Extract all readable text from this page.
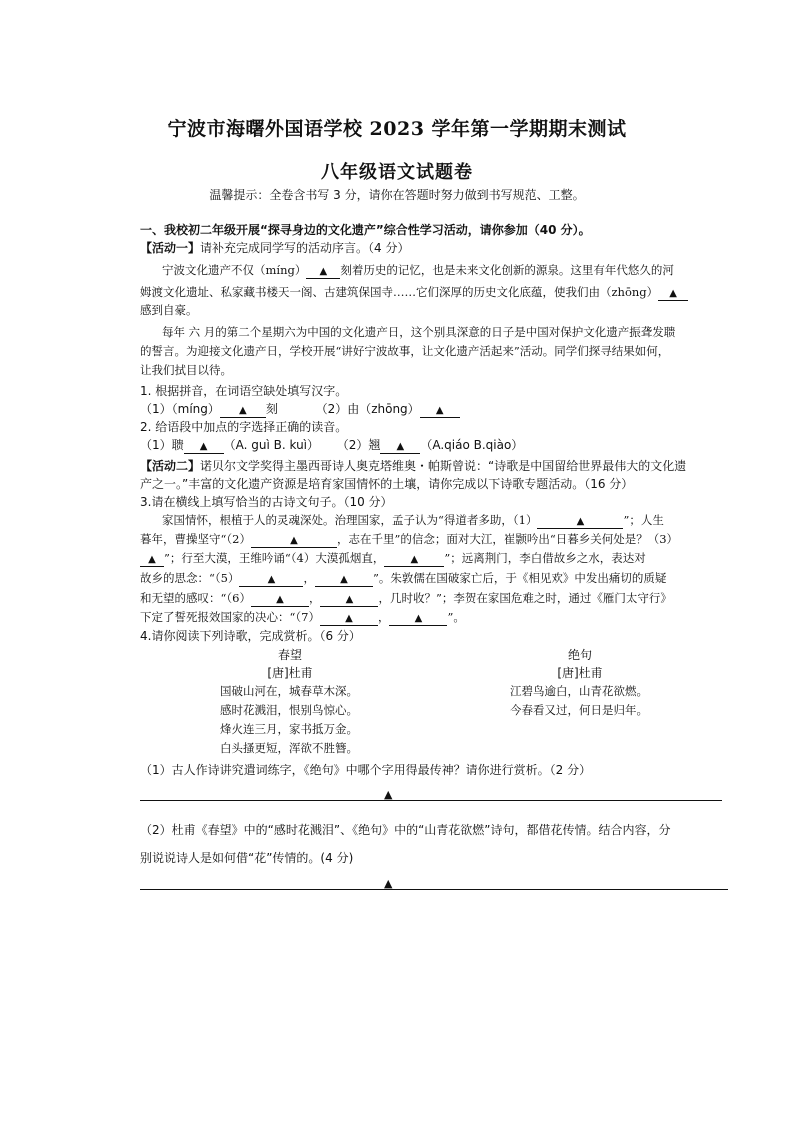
宁波市海曙外国语学校 2023 学年第一学期期末测试
八年级语文试题卷
温馨提示：全卷含书写 3 分，请你在答题时努力做到书写规范、工整。
一、我校初二年级开展“探寻身边的文化遗产”综合性学习活动，请你参加（40 分）。
【活动一】请补充完成同学写的活动序言。（4 分）
宁波文化遗产不仅（míng） ▲ 刻着历史的记忆，也是未来文化创新的源泉。这里有年代悠久的河
姆渡文化遗址、私家藏书楼天一阁、古建筑保国寺……它们深厚的历史文化底蕴，使我们由（zhōng） ▲
感到自豪。
每年 六 月的第二个星期六为中国的文化遗产日，这个别具深意的日子是中国对保护文化遗产振聋发聩
的誓言。为迎接文化遗产日，学校开展“讲好宁波故事，让文化遗产活起来”活动。同学们探寻结果如何，
让我们拭目以待。
1. 根据拼音，在词语空缺处填写汉字。
（1）（míng） ▲ 刻	（2）由（zhōng） ▲
2. 给语段中加点的字选择正确的读音。
（1）聩 ▲ （A. guì B. kuì） （2）翘 ▲ （A.qiáo B.qiào）
【活动二】诺贝尔文学奖得主墨西哥诗人奥克塔维奥・帕斯曾说：“诗歌是中国留给世界最伟大的文化遗
产之一。”丰富的文化遗产资源是培育家国情怀的土壤，请你完成以下诗歌专题活动。（16 分）
3.请在横线上填写恰当的古诗文句子。（10 分）
家国情怀，根植于人的灵魂深处。治理国家，孟子认为“得道者多助，（1）	▲	”；人生
暮年，曹操坚守“（2）	▲	，志在千里”的信念；面对大江，崔颢吟出“日暮乡关何处是？（3）
▲ ”；行至大漠，王维吟诵“（4）大漠孤烟直，	▲ ”；远离荆门，李白借故乡之水，表达对
故乡的思念：“（5）	▲ ，	▲ ”。朱敦儒在国破家亡后，于《相见欢》中发出痛切的质疑
和无望的感叹：“（6）	▲ ，	▲ ，几时收？”；李贺在家国危难之时，通过《雁门太守行》
下定了誓死报效国家的决心：“（7）	▲ ，	▲ ”。
4.请你阅读下列诗歌，完成赏析。（6 分）
春望
[唐]杜甫
国破山河在，城春草木深。
感时花溅泪，恨别鸟惊心。
烽火连三月，家书抵万金。
白头搔更短，浑欲不胜簪。
绝句
[唐]杜甫
江碧鸟逾白，山青花欲燃。
今春看又过，何日是归年。
（1）古人作诗讲究遣词练字，《绝句》中哪个字用得最传神？请你进行赏析。（2 分）
▲
（2）杜甫《春望》中的“感时花溅泪”、《绝句》中的“山青花欲燃”诗句，都借花传情。结合内容，分
别说说诗人是如何借“花”传情的。(4 分)
▲
